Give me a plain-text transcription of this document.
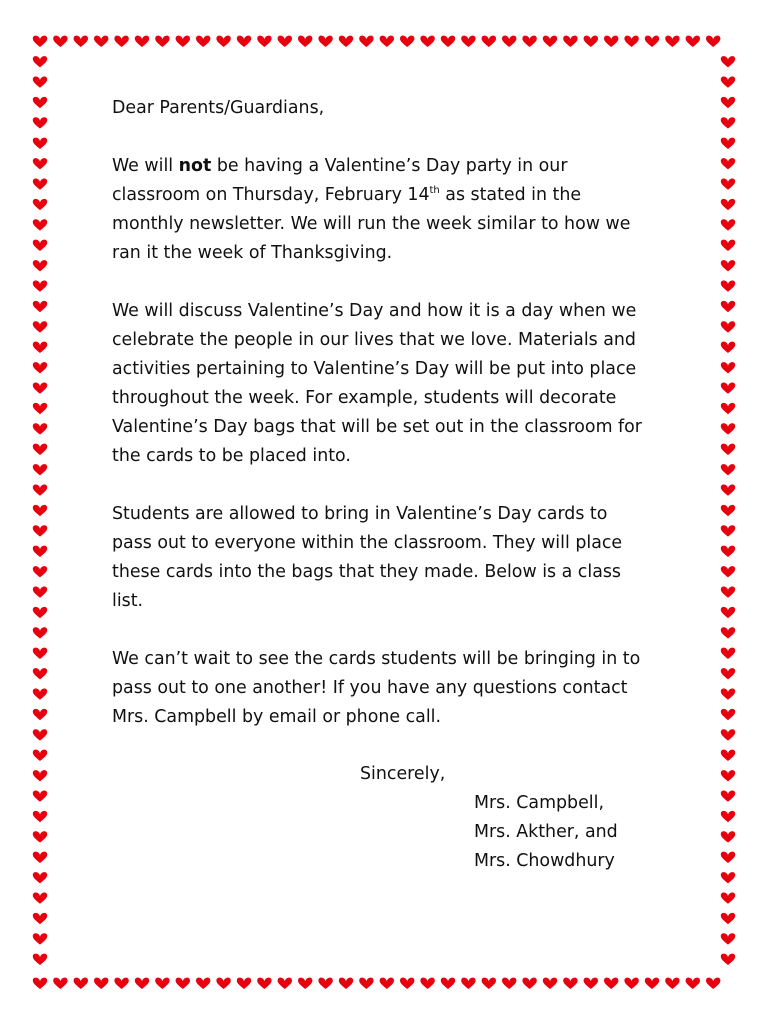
Dear Parents/Guardians,

We will not be having a Valentine’s Day party in our classroom on Thursday, February 14th as stated in the monthly newsletter. We will run the week similar to how we ran it the week of Thanksgiving.

We will discuss Valentine’s Day and how it is a day when we celebrate the people in our lives that we love. Materials and activities pertaining to Valentine’s Day will be put into place throughout the week. For example, students will decorate Valentine’s Day bags that will be set out in the classroom for the cards to be placed into.

Students are allowed to bring in Valentine’s Day cards to pass out to everyone within the classroom. They will place these cards into the bags that they made. Below is a class list.

We can’t wait to see the cards students will be bringing in to pass out to one another! If you have any questions contact Mrs. Campbell by email or phone call.

Sincerely,
Mrs. Campbell,
Mrs. Akther, and
Mrs. Chowdhury
